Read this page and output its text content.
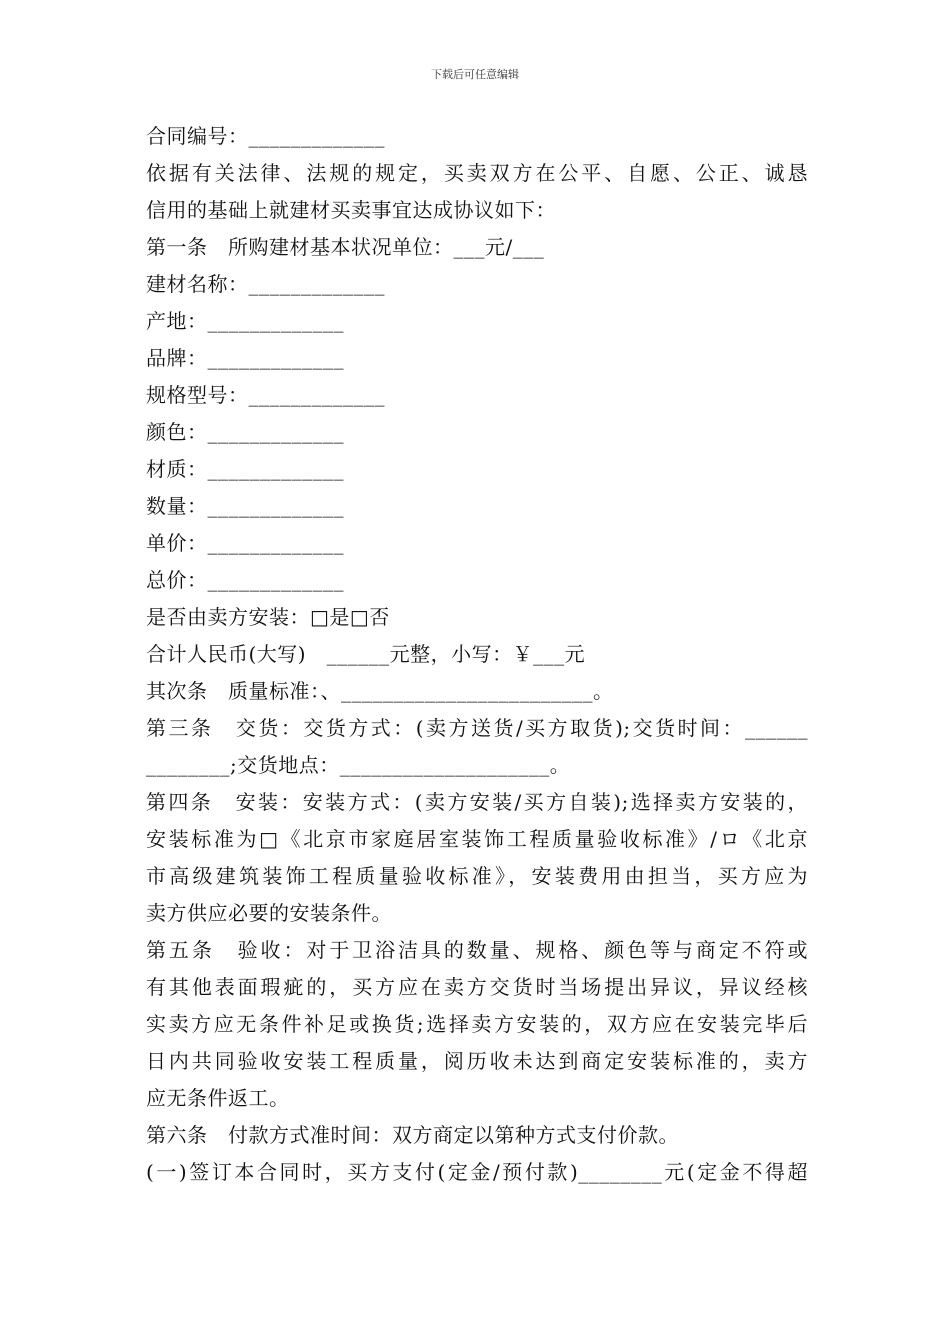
下载后可任意编辑
合同编号：_____________
依据有关法律、法规的规定，买卖双方在公平、自愿、公正、诚恳
信用的基础上就建材买卖事宜达成协议如下：
第一条　所购建材基本状况单位：___元/___
建材名称：_____________
产地：_____________
品牌：_____________
规格型号：_____________
颜色：_____________
材质：_____________
数量：_____________
单价：_____________
总价：_____________
是否由卖方安装：□是□否
合计人民币(大写)　______元整，小写：￥___元
其次条　质量标准：、________________________。
第三条　交货：交货方式：(卖方送货/买方取货);交货时间：______
________;交货地点：____________________。
第四条　安装：安装方式：(卖方安装/买方自装);选择卖方安装的，
安装标准为□《北京市家庭居室装饰工程质量验收标准》/ロ《北京
市高级建筑装饰工程质量验收标准》，安装费用由担当，买方应为
卖方供应必要的安装条件。
第五条　验收：对于卫浴洁具的数量、规格、颜色等与商定不符或
有其他表面瑕疵的，买方应在卖方交货时当场提出异议，异议经核
实卖方应无条件补足或换货;选择卖方安装的，双方应在安装完毕后
日内共同验收安装工程质量，阅历收未达到商定安装标准的，卖方
应无条件返工。
第六条　付款方式准时间：双方商定以第种方式支付价款。
(一)签订本合同时，买方支付(定金/预付款)________元(定金不得超
